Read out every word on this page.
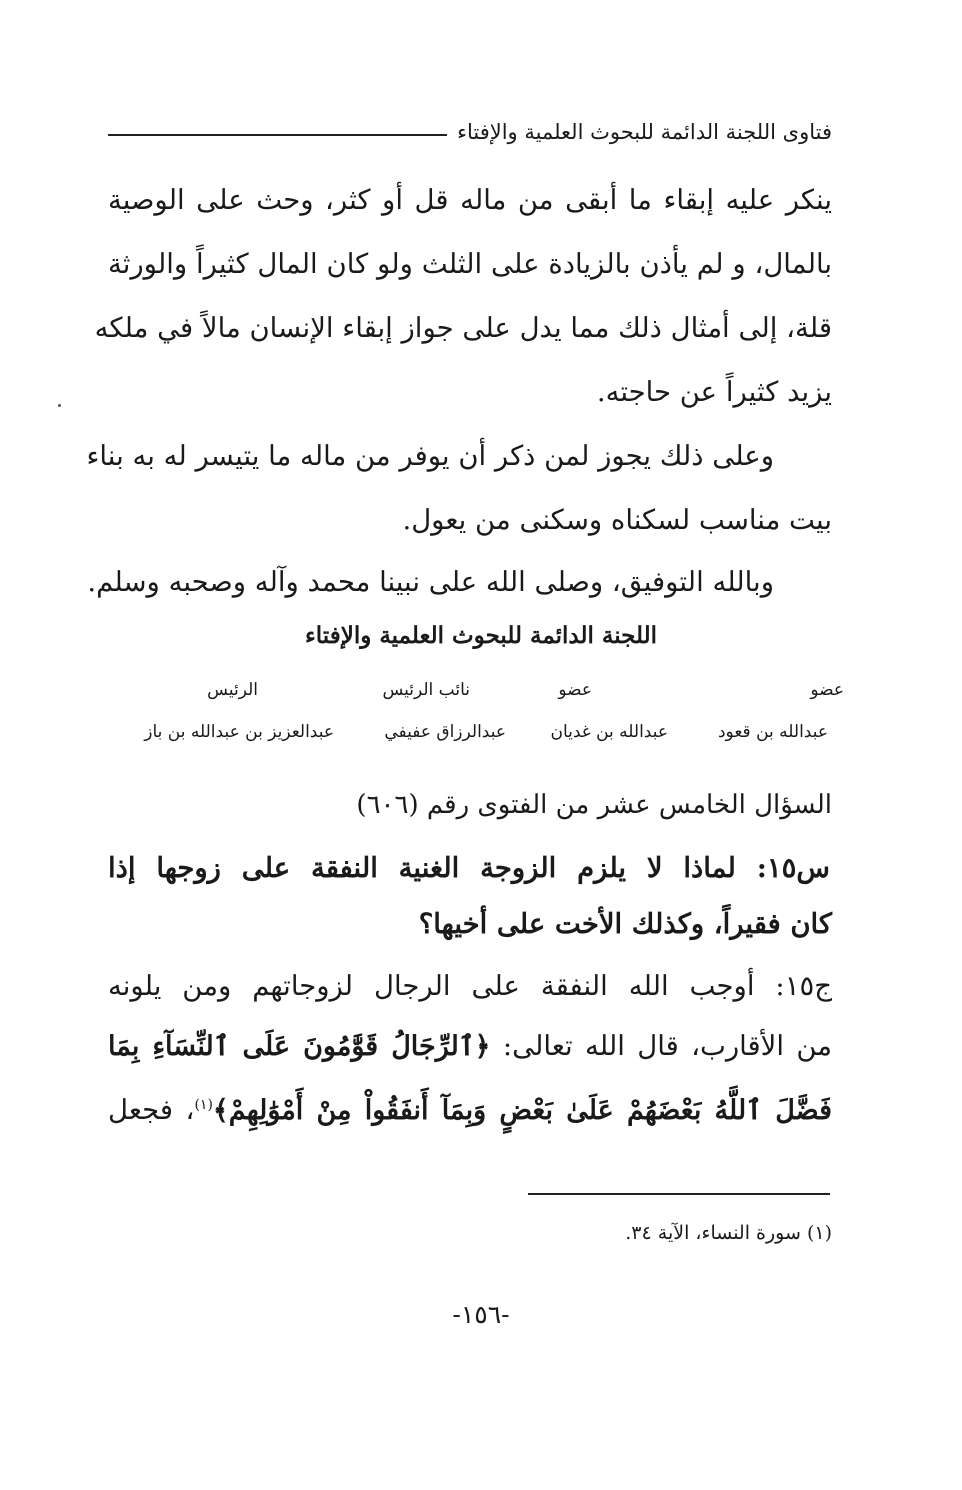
فتاوى اللجنة الدائمة للبحوث العلمية والإفتاء
ينكر عليه إبقاء ما أبقى من ماله قل أو كثر، وحث على الوصية
بالمال، و لم يأذن بالزيادة على الثلث ولو كان المال كثيراً والورثة
قلة، إلى أمثال ذلك مما يدل على جواز إبقاء الإنسان مالاً في ملكه
يزيد كثيراً عن حاجته.
وعلى ذلك يجوز لمن ذكر أن يوفر من ماله ما يتيسر له به بناء
بيت مناسب لسكناه وسكنى من يعول.
وبالله التوفيق، وصلى الله على نبينا محمد وآله وصحبه وسلم.
اللجنة الدائمة للبحوث العلمية والإفتاء
عضو
عضو
نائب الرئيس
الرئيس
عبدالله بن قعود
عبدالله بن غديان
عبدالرزاق عفيفي
عبدالعزيز بن عبدالله بن باز
السؤال الخامس عشر من الفتوى رقم (٦٠٦)
س١٥: لماذا لا يلزم الزوجة الغنية النفقة على زوجها إذا
كان فقيراً، وكذلك الأخت على أخيها؟
ج١٥: أوجب الله النفقة على الرجال لزوجاتهم ومن يلونه
من الأقارب، قال الله تعالى: ﴿ٱلرِّجَالُ قَوَّٰمُونَ عَلَى ٱلنِّسَآءِ بِمَا
فَضَّلَ ٱللَّهُ بَعْضَهُمْ عَلَىٰ بَعْضٍ وَبِمَآ أَنفَقُواْ مِنْ أَمْوَٰلِهِمْ﴾$^{(١)}$، فجعل
(١) سورة النساء، الآية ٣٤.
-١٥٦-
